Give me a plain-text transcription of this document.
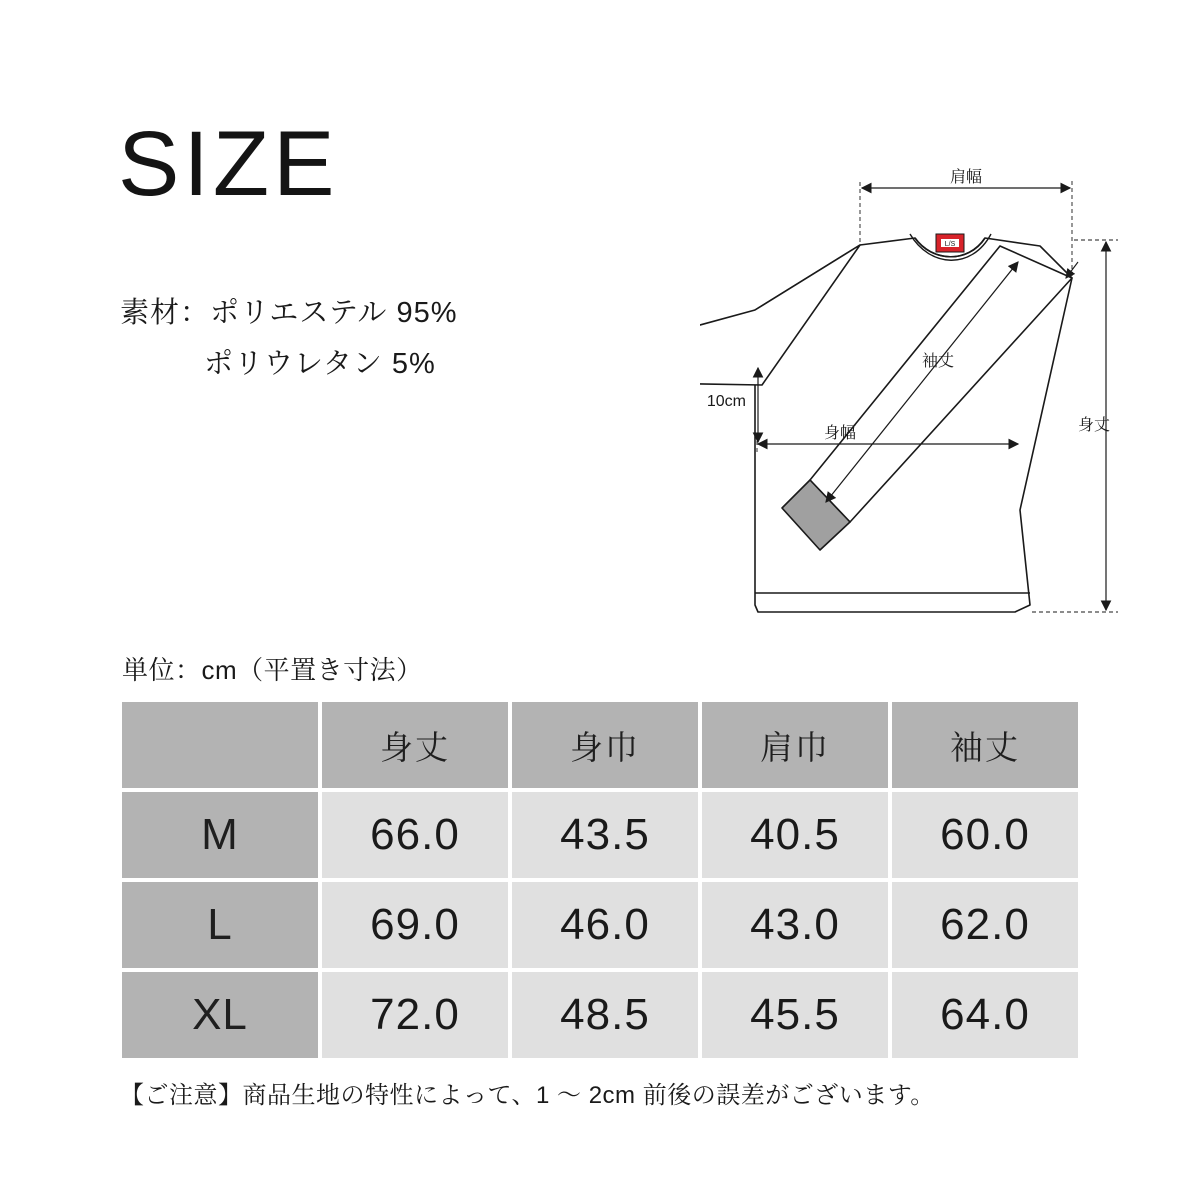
SIZE
素材：ポリエステル 95%
ポリウレタン 5%
L/S
肩幅
身丈
身幅
10cm
袖丈
単位：cm（平置き寸法）
	身丈	身巾	肩巾	袖丈
M	66.0	43.5	40.5	60.0
L	69.0	46.0	43.0	62.0
XL	72.0	48.5	45.5	64.0
【ご注意】商品生地の特性によって、1 〜 2cm 前後の誤差がございます。
